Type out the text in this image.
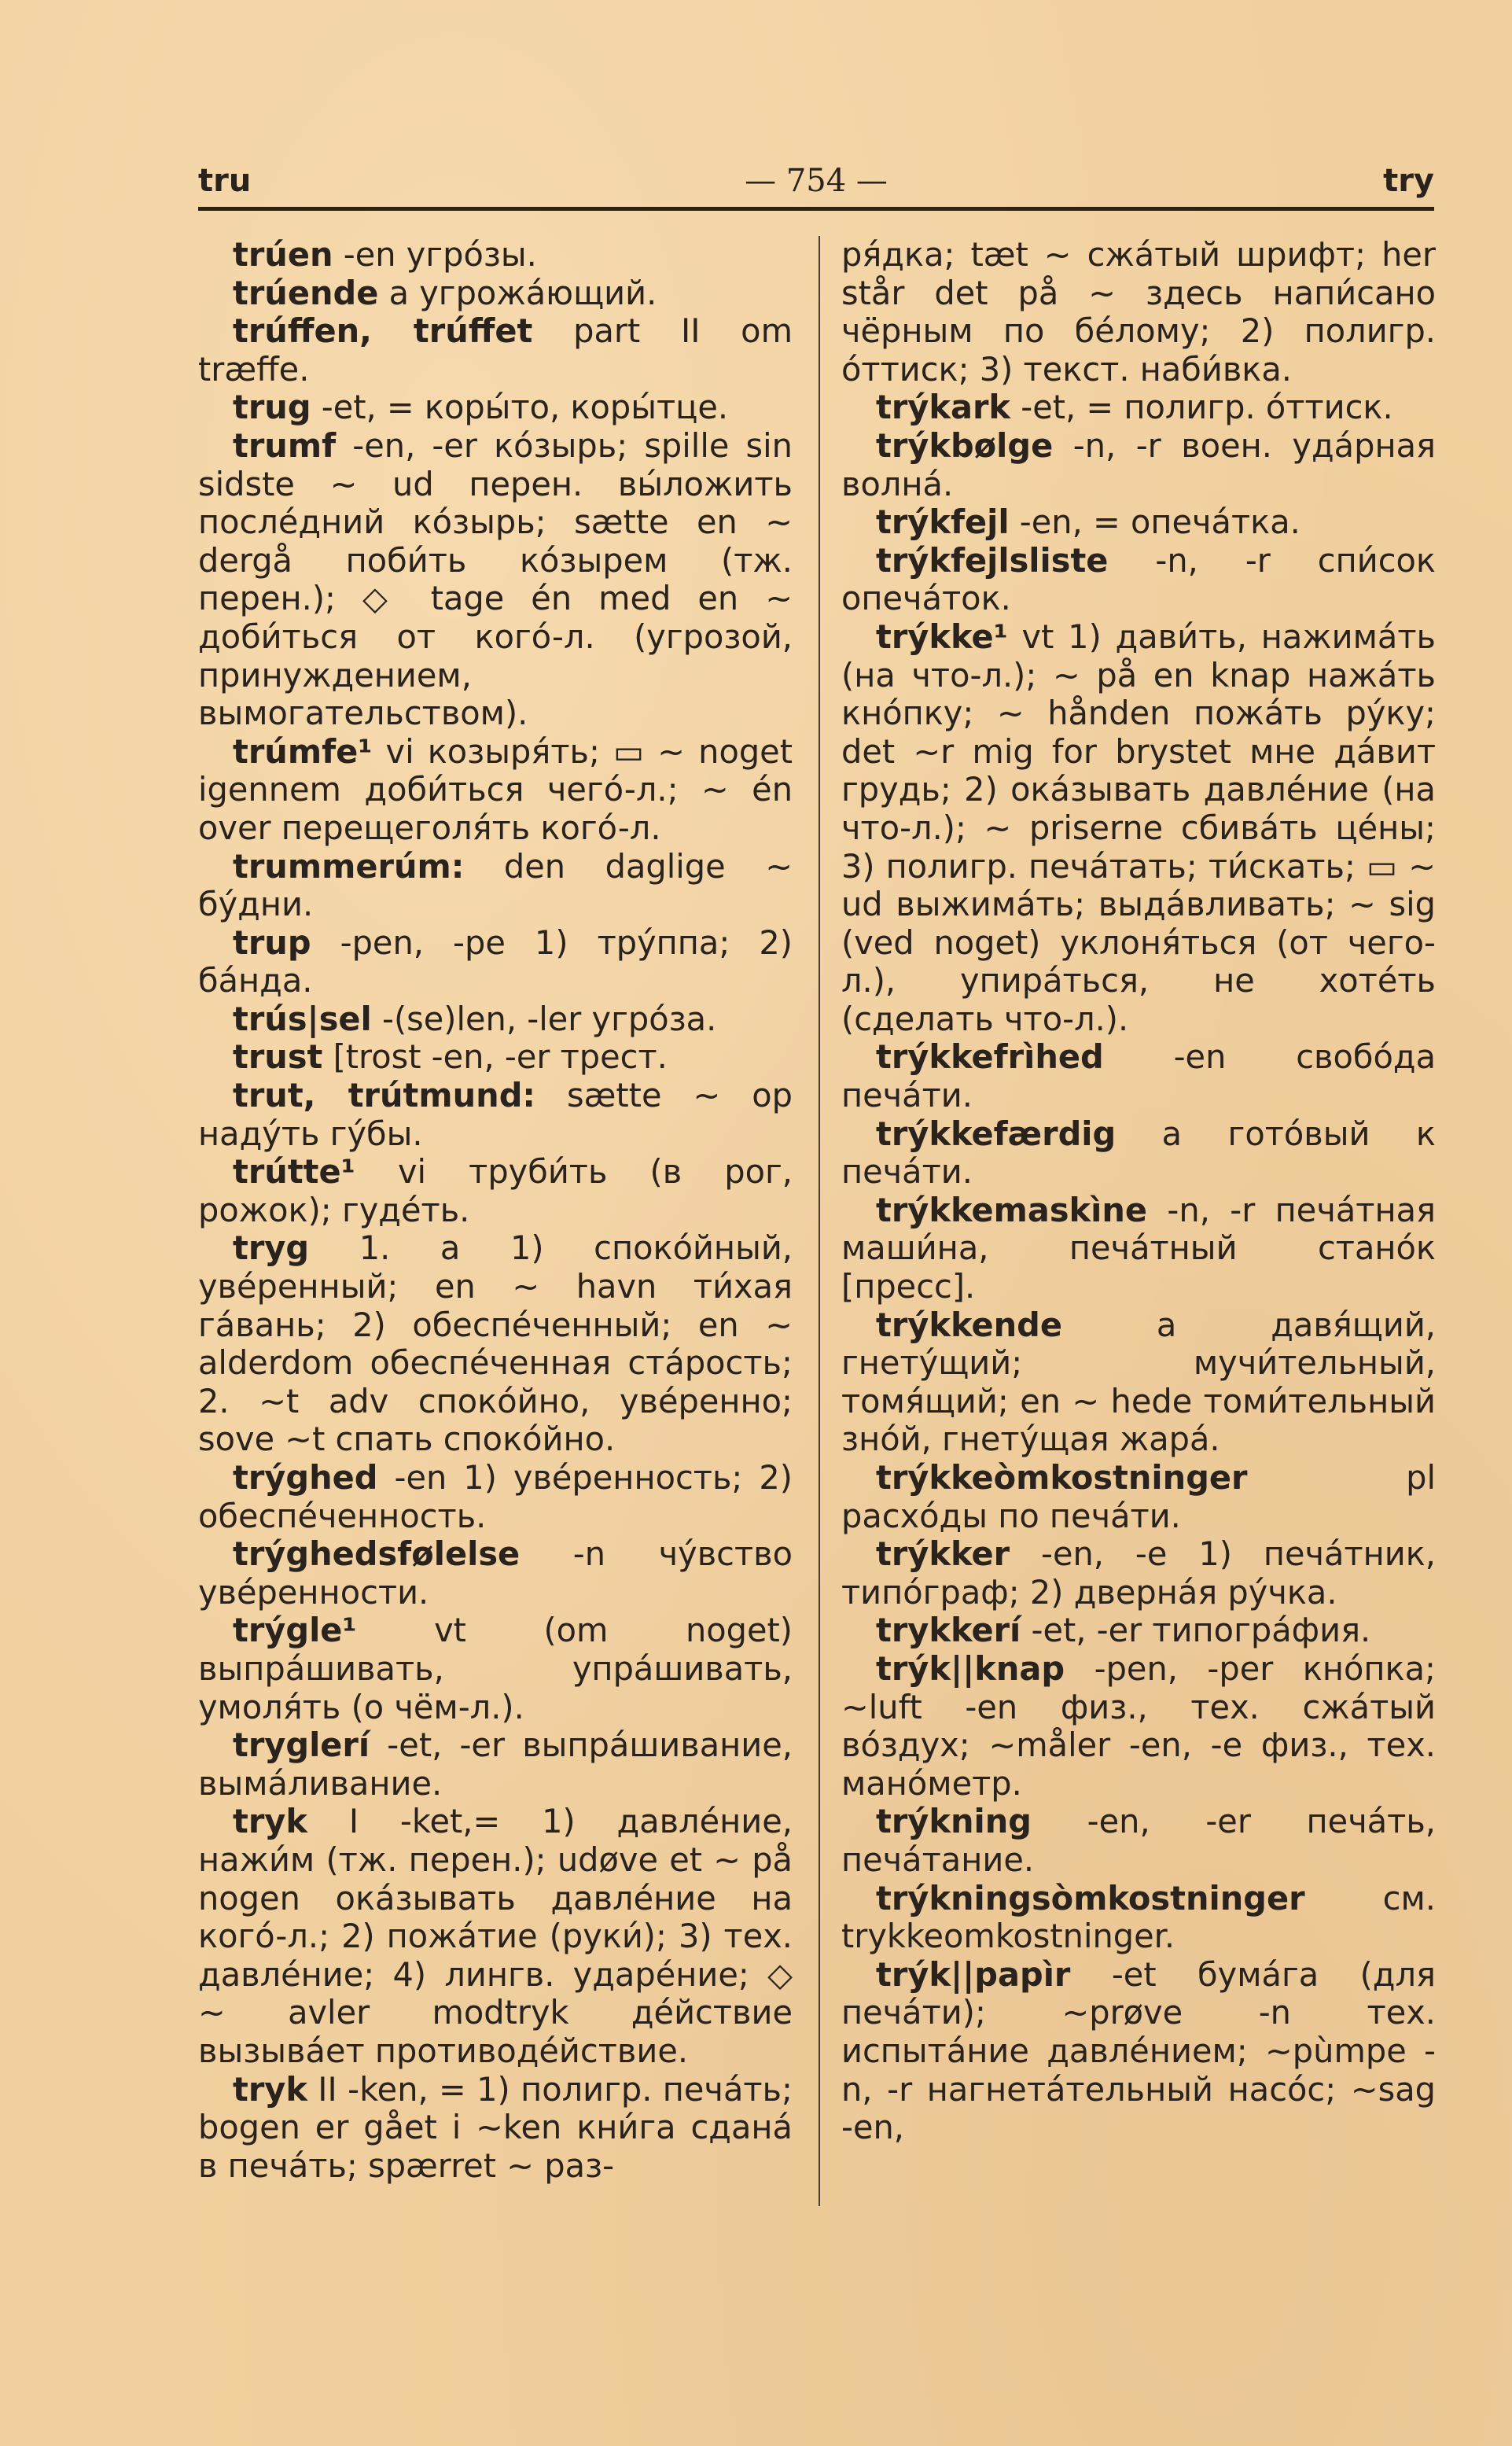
— 754 —
tru	try

trúen -en угрóзы.

trúende a угрожáющий.

trúffen, trúffet part II om træffe.

trug -et, = коры́то, коры́тце.

trumf -en, -er кóзырь; spille sin sidste ~ ud перен. вы́ложить послéдний кóзырь; sætte en ~ dergå поби́ть кóзырем (тж. перен.); ◇ tage én med en ~ доби́ться от когó-л. (угрозой, принуждением, вымогательством).

trúmfe¹ vi козыря́ть; ▭ ~ noget igennem доби́ться чегó-л.; ~ én over перещеголя́ть когó-л.

trummerúm: den daglige ~ бу́дни.

trup -pen, -pe 1) трýппа; 2) бáнда.

trús|sel -(se)len, -ler угрóза.

trust [trost -en, -er трест.

trut, trútmund: sætte ~ op надýть гýбы.

trútte¹ vi труби́ть (в рог, рожок); гудéть.

tryg 1. a 1) спокóйный, увéренный; en ~ havn ти́хая гáвань; 2) обеспéченный; en ~ alderdom обеспéченная стáрость; 2. ~t adv спокóйно, увéренно; sove ~t спать спокóйно.

trýghed -en 1) увéренность; 2) обеспéченность.

trýghedsfølelse -n чýвство увéренности.

trýgle¹ vt (om noget) выпрáшивать, упрáшивать, умоля́ть (о чём-л.).

tryglerí -et, -er выпрáшивание, выма́ливание.

tryk I -ket,= 1) давлéние, нажи́м (тж. перен.); udøve et ~ på nogen окáзывать давлéние на когó-л.; 2) пожáтие (руки́); 3) тех. давлéние; 4) лингв. ударéние; ◇ ~ avler modtryk дéйствие вызывáет противодéйствие.

tryk II -ken, = 1) полигр. печáть; bogen er gået i ~ken кни́га сданá в печáть; spærret ~ раз-

ря́дка; tæt ~ сжáтый шрифт; her står det på ~ здесь напи́сано чёрным по бéлому; 2) полигр. óттиск; 3) текст. наби́вка.

trýkark -et, = полигр. óттиск.

trýkbølge -n, -r воен. удáрная волнá.

trýkfejl -en, = опечáтка.

trýkfejlsliste -n, -r спи́сок опечáток.

trýkke¹ vt 1) дави́ть, нажимáть (на что-л.); ~ på en knap нажáть кнóпку; ~ hånden пожáть рýку; det ~r mig for brystet мне дáвит грудь; 2) окáзывать давлéние (на что-л.); ~ priserne сбивáть цéны; 3) полигр. печáтать; ти́скать; ▭ ~ ud выжимáть; выдáвливать; ~ sig (ved noget) уклоня́ться (от чего-л.), упирáться, не хотéть (сделать что-л.).

trýkkefrìhed -en свобóда печáти.

trýkkefærdig a готóвый к печáти.

trýkkemaskìne -n, -r печáтная маши́на, печáтный станóк [пресс].

trýkkende a давя́щий, гнетýщий; мучи́тельный, томя́щий; en ~ hede томи́тельный знóй, гнетýщая жарá.

trýkkeòmkostninger pl расхóды по печáти.

trýkker -en, -e 1) печáтник, типóграф; 2) дверна́я рýчка.

trykkerí -et, -er типогрáфия.

trýk||knap -pen, -per кнóпка; ~luft -en физ., тех. сжáтый вóздух; ~måler -en, -e физ., тех. манóметр.

trýkning -en, -er печáть, печáтание.

trýkningsòmkostninger см. trykkeomkostninger.

trýk||papìr -et бумáга (для печáти); ~prøve -n тех. испытáние давлéнием; ~pùmpe -n, -r нагнетáтельный насóс; ~sag -en,
